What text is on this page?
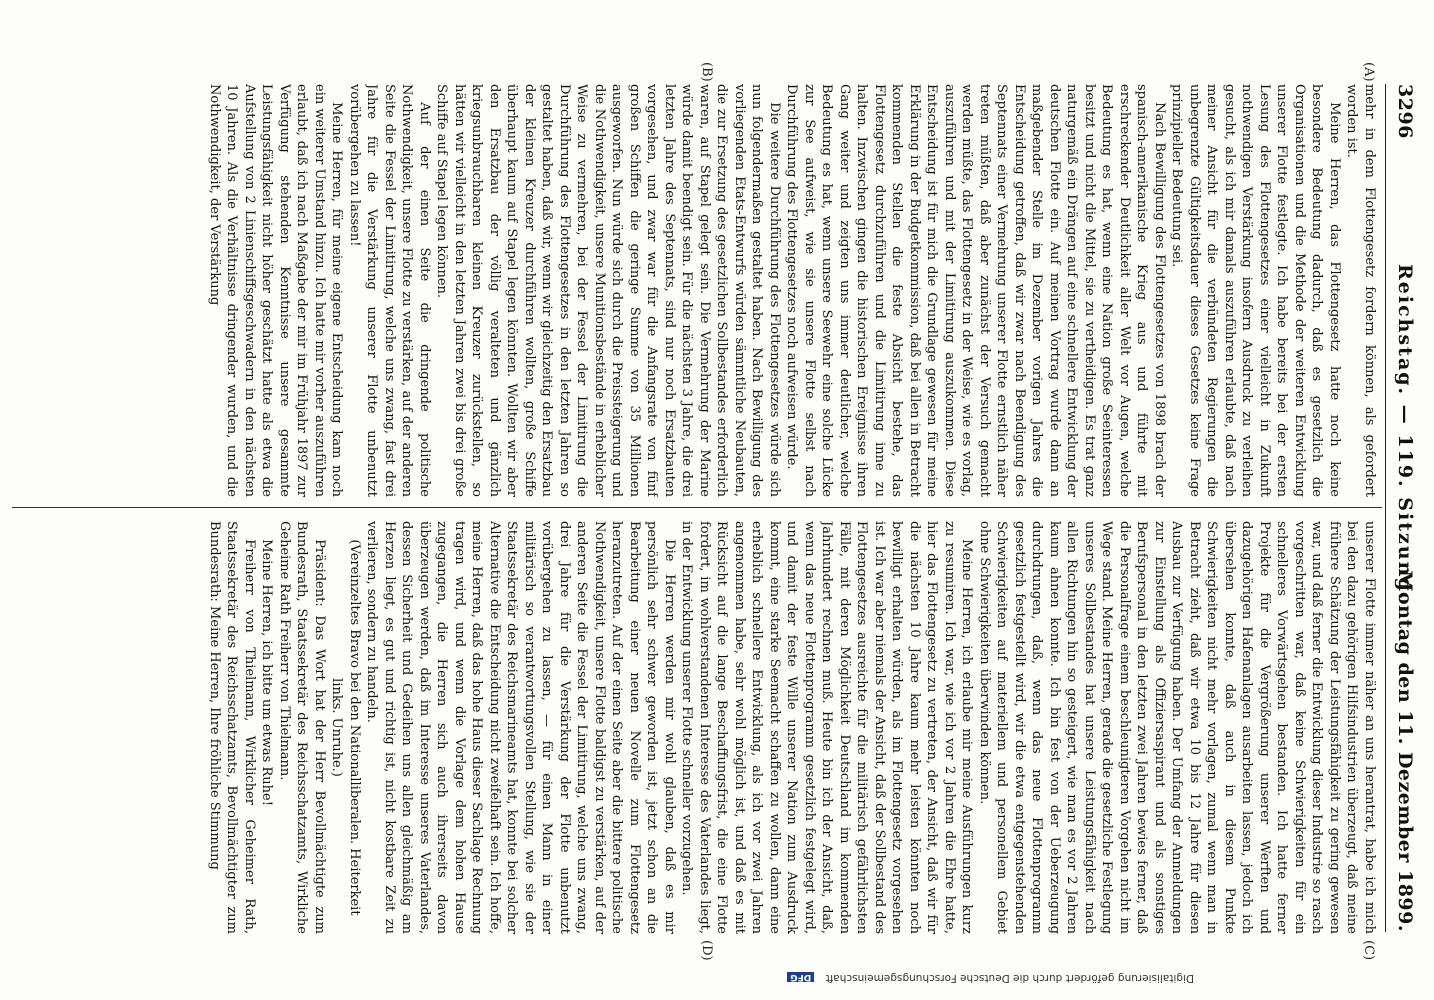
3296
Reichstag. — 119. Sitzung.
Montag den 11. Dezember 1899.
(A)
(B)
(C)
(D)

mehr in dem Flottengesetz fordern können, als gefordert worden ist.

Meine Herren, das Flottengesetz hatte noch keine besondere Bedeutung dadurch, daß es gesetzlich die Organisationen und die Methode der weiteren Entwicklung unserer Flotte festlegte. Ich habe bereits bei der ersten Lesung des Flottengesetzes einer vielleicht in Zukunft nothwendigen Verstärkung insofern Ausdruck zu verleihen gesucht, als ich mir damals auszuführen erlaubte, daß nach meiner Ansicht für die verbündeten Regierungen die unbegrenzte Gültigkeitsdauer dieses Gesetzes keine Frage prinzipieller Bedeutung sei.

Nach Bewilligung des Flottengesetzes von 1898 brach der spanisch-amerikanische Krieg aus und führte mit erschreckender Deutlichkeit aller Welt vor Augen, welche Bedeutung es hat, wenn eine Nation große Seeinteressen besitzt und nicht die Mittel, sie zu vertheidigen. Es trat ganz naturgemäß ein Drängen auf eine schnellere Entwicklung der deutschen Flotte ein. Auf meinen Vortrag wurde dann an maßgebender Stelle im Dezember vorigen Jahres die Entscheidung getroffen, daß wir zwar nach Beendigung des Septennats einer Vermehrung unserer Flotte ernstlich näher treten müßten, daß aber zunächst der Versuch gemacht werden müßte, das Flottengesetz in der Weise, wie es vorlag, auszuführen und mit der Limitirung auszukommen. Diese Entscheidung ist für mich die Grundlage gewesen für meine Erklärung in der Budgetkommission, daß bei allen in Betracht kommenden Stellen die feste Absicht bestehe, das Flottengesetz durchzuführen und die Limitirung inne zu halten. Inzwischen gingen die historischen Ereignisse ihren Gang weiter und zeigten uns immer deutlicher, welche Bedeutung es hat, wenn unsere Seewehr eine solche Lücke zur See aufweist, wie sie unsere Flotte selbst nach Durchführung des Flottengesetzes noch aufweisen würde.

Die weitere Durchführung des Flottengesetzes würde sich nun folgendermaßen gestaltet haben. Nach Bewilligung des vorliegenden Etats-Entwurfs würden sämmtliche Neubauten, die zur Ersetzung des gesetzlichen Sollbestandes erforderlich waren, auf Stapel gelegt sein. Die Vermehrung der Marine würde damit beendigt sein. Für die nächsten 3 Jahre, die drei letzten Jahre des Septennats, sind nur noch Ersatzbauten vorgesehen, und zwar war für die Anfangsrate von fünf großen Schiffen die geringe Summe von 35 Millionen ausgeworfen. Nun würde sich durch die Preissteigerung und die Nothwendigkeit, unsere Munitionsbestände in erheblicher Weise zu vermehren, bei der Fessel der Limitirung die Durchführung des Flottengesetzes in den letzten Jahren so gestaltet haben, daß wir, wenn wir gleichzeitig den Ersatzbau der kleinen Kreuzer durchführen wollten, große Schiffe überhaupt kaum auf Stapel legen könnten. Wollten wir aber den Ersatzbau der völlig veralteten und gänzlich kriegsunbrauchbaren kleinen Kreuzer zurückstellen, so hätten wir vielleicht in den letzten Jahren zwei bis drei große Schiffe auf Stapel legen können.

Auf der einen Seite die dringende politische Nothwendigkeit, unsere Flotte zu verstärken, auf der anderen Seite die Fessel der Limitirung, welche uns zwang, fast drei Jahre für die Verstärkung unserer Flotte unbenutzt vorübergehen zu lassen!

Meine Herren, für meine eigene Entscheidung kam noch ein weiterer Umstand hinzu. Ich hatte mir vorher auszuführen erlaubt, daß ich nach Maßgabe der mir im Frühjahr 1897 zur Verfügung stehenden Kenntnisse unsere gesammte Leistungsfähigkeit nicht höher geschätzt hatte als etwa die Aufstellung von 2 Linienschiffsgeschwadern in den nächsten 10 Jahren. Als die Verhältnisse dringender wurden, und die Nothwendigkeit, der Verstärkung

unserer Flotte immer näher an uns herantrat, habe ich mich bei den dazu gehörigen Hilfsindustrien überzeugt, daß meine frühere Schätzung der Leistungsfähigkeit zu gering gewesen war, und daß ferner die Entwicklung dieser Industrie so rasch vorgeschritten war, daß keine Schwierigkeiten für ein schnelleres Vorwärtsgehen bestanden. Ich hatte ferner Projekte für die Vergrößerung unserer Werften und dazugehörigen Hafenanlagen ausarbeiten lassen, jedoch ich übersehen konnte, daß auch in diesem Punkte Schwierigkeiten nicht mehr vorlagen, zumal wenn man in Betracht zieht, daß wir etwa 10 bis 12 Jahre für diesen Ausbau zur Verfügung haben. Der Umfang der Anmeldungen zur Einstellung als Offiziersaspirant und als sonstiges Berufspersonal in den letzten zwei Jahren bewies ferner, daß die Personalfrage einem beschleunigteren Vorgehen nicht im Wege stand. Meine Herren, gerade die gesetzliche Festlegung unseres Sollbestandes hat unsere Leistungsfähigkeit nach allen Richtungen hin so gesteigert, wie man es vor 2 Jahren kaum ahnen konnte. Ich bin fest von der Ueberzeugung durchdrungen, daß, wenn das neue Flottenprogramm gesetzlich festgestellt wird, wir die etwa entgegenstehenden Schwierigkeiten auf materiellem und personellem Gebiet ohne Schwierigkeiten überwinden können.

Meine Herren, ich erlaube mir meine Ausführungen kurz zu resumiren. Ich war, wie ich vor 2 Jahren die Ehre hatte, hier das Flottengesetz zu vertreten, der Ansicht, daß wir für die nächsten 10 Jahre kaum mehr leisten könnten noch bewilligt erhalten würden, als im Flottengesetz vorgesehen ist. Ich war aber niemals der Ansicht, daß der Sollbestand des Flottengesetzes ausreichte für die militärisch gefährlichsten Fälle, mit deren Möglichkeit Deutschland im kommenden Jahrhundert rechnen muß. Heute bin ich der Ansicht, daß, wenn das neue Flottenprogramm gesetzlich festgelegt wird, und damit der feste Wille unserer Nation zum Ausdruck kommt, eine starke Seemacht schaffen zu wollen, dann eine erheblich schnellere Entwicklung, als ich vor zwei Jahren angenommen habe, sehr wohl möglich ist, und daß es mit Rücksicht auf die lange Beschaffungsfrist, die eine Flotte fordert, im wohlverstandenen Interesse des Vaterlandes liegt, in der Entwicklung unserer Flotte schneller vorzugehen.

Die Herren werden mir wohl glauben, daß es mir persönlich sehr schwer geworden ist, jetzt schon an die Bearbeitung einer neuen Novelle zum Flottengesetz heranzutreten. Auf der einen Seite aber die bittere politische Nothwendigkeit, unsere Flotte baldigst zu verstärken, auf der anderen Seite die Fessel der Limitirung, welche uns zwang, drei Jahre für die Verstärkung der Flotte unbenutzt vorübergehen zu lassen, — für einen Mann in einer militärisch so verantwortungsvollen Stellung, wie sie der Staatssekretär des Reichsmarineamts hat, konnte bei solcher Alternative die Entscheidung nicht zweifelhaft sein. Ich hoffe, meine Herren, daß das hohe Haus dieser Sachlage Rechnung tragen wird, und wenn die Vorlage dem hohen Hause zugegangen, die Herren sich auch ihrerseits davon überzeugen werden, daß im Interesse unseres Vaterlandes, dessen Sicherheit und Gedeihen uns allen gleichmäßig am Herzen liegt, es gut und richtig ist, nicht kostbare Zeit zu verlieren, sondern zu handeln.

(Vereinzeltes Bravo bei den Nationalliberalen. Heiterkeit links. Unruhe.)

Präsident: Das Wort hat der Herr Bevollmächtigte zum Bundesrath, Staatssekretär des Reichsschatzamts, Wirkliche Geheime Rath Freiherr von Thielmann.

Meine Herren, ich bitte um etwas Ruhe!

Freiherr von Thielmann, Wirklicher Geheimer Rath, Staatssekretär des Reichsschatzamts, Bevollmächtigter zum Bundesrath: Meine Herren, Ihre fröhliche Stimmung

Digitalisierung gefördert durch die Deutsche Forschungsgemeinschaft DFG
